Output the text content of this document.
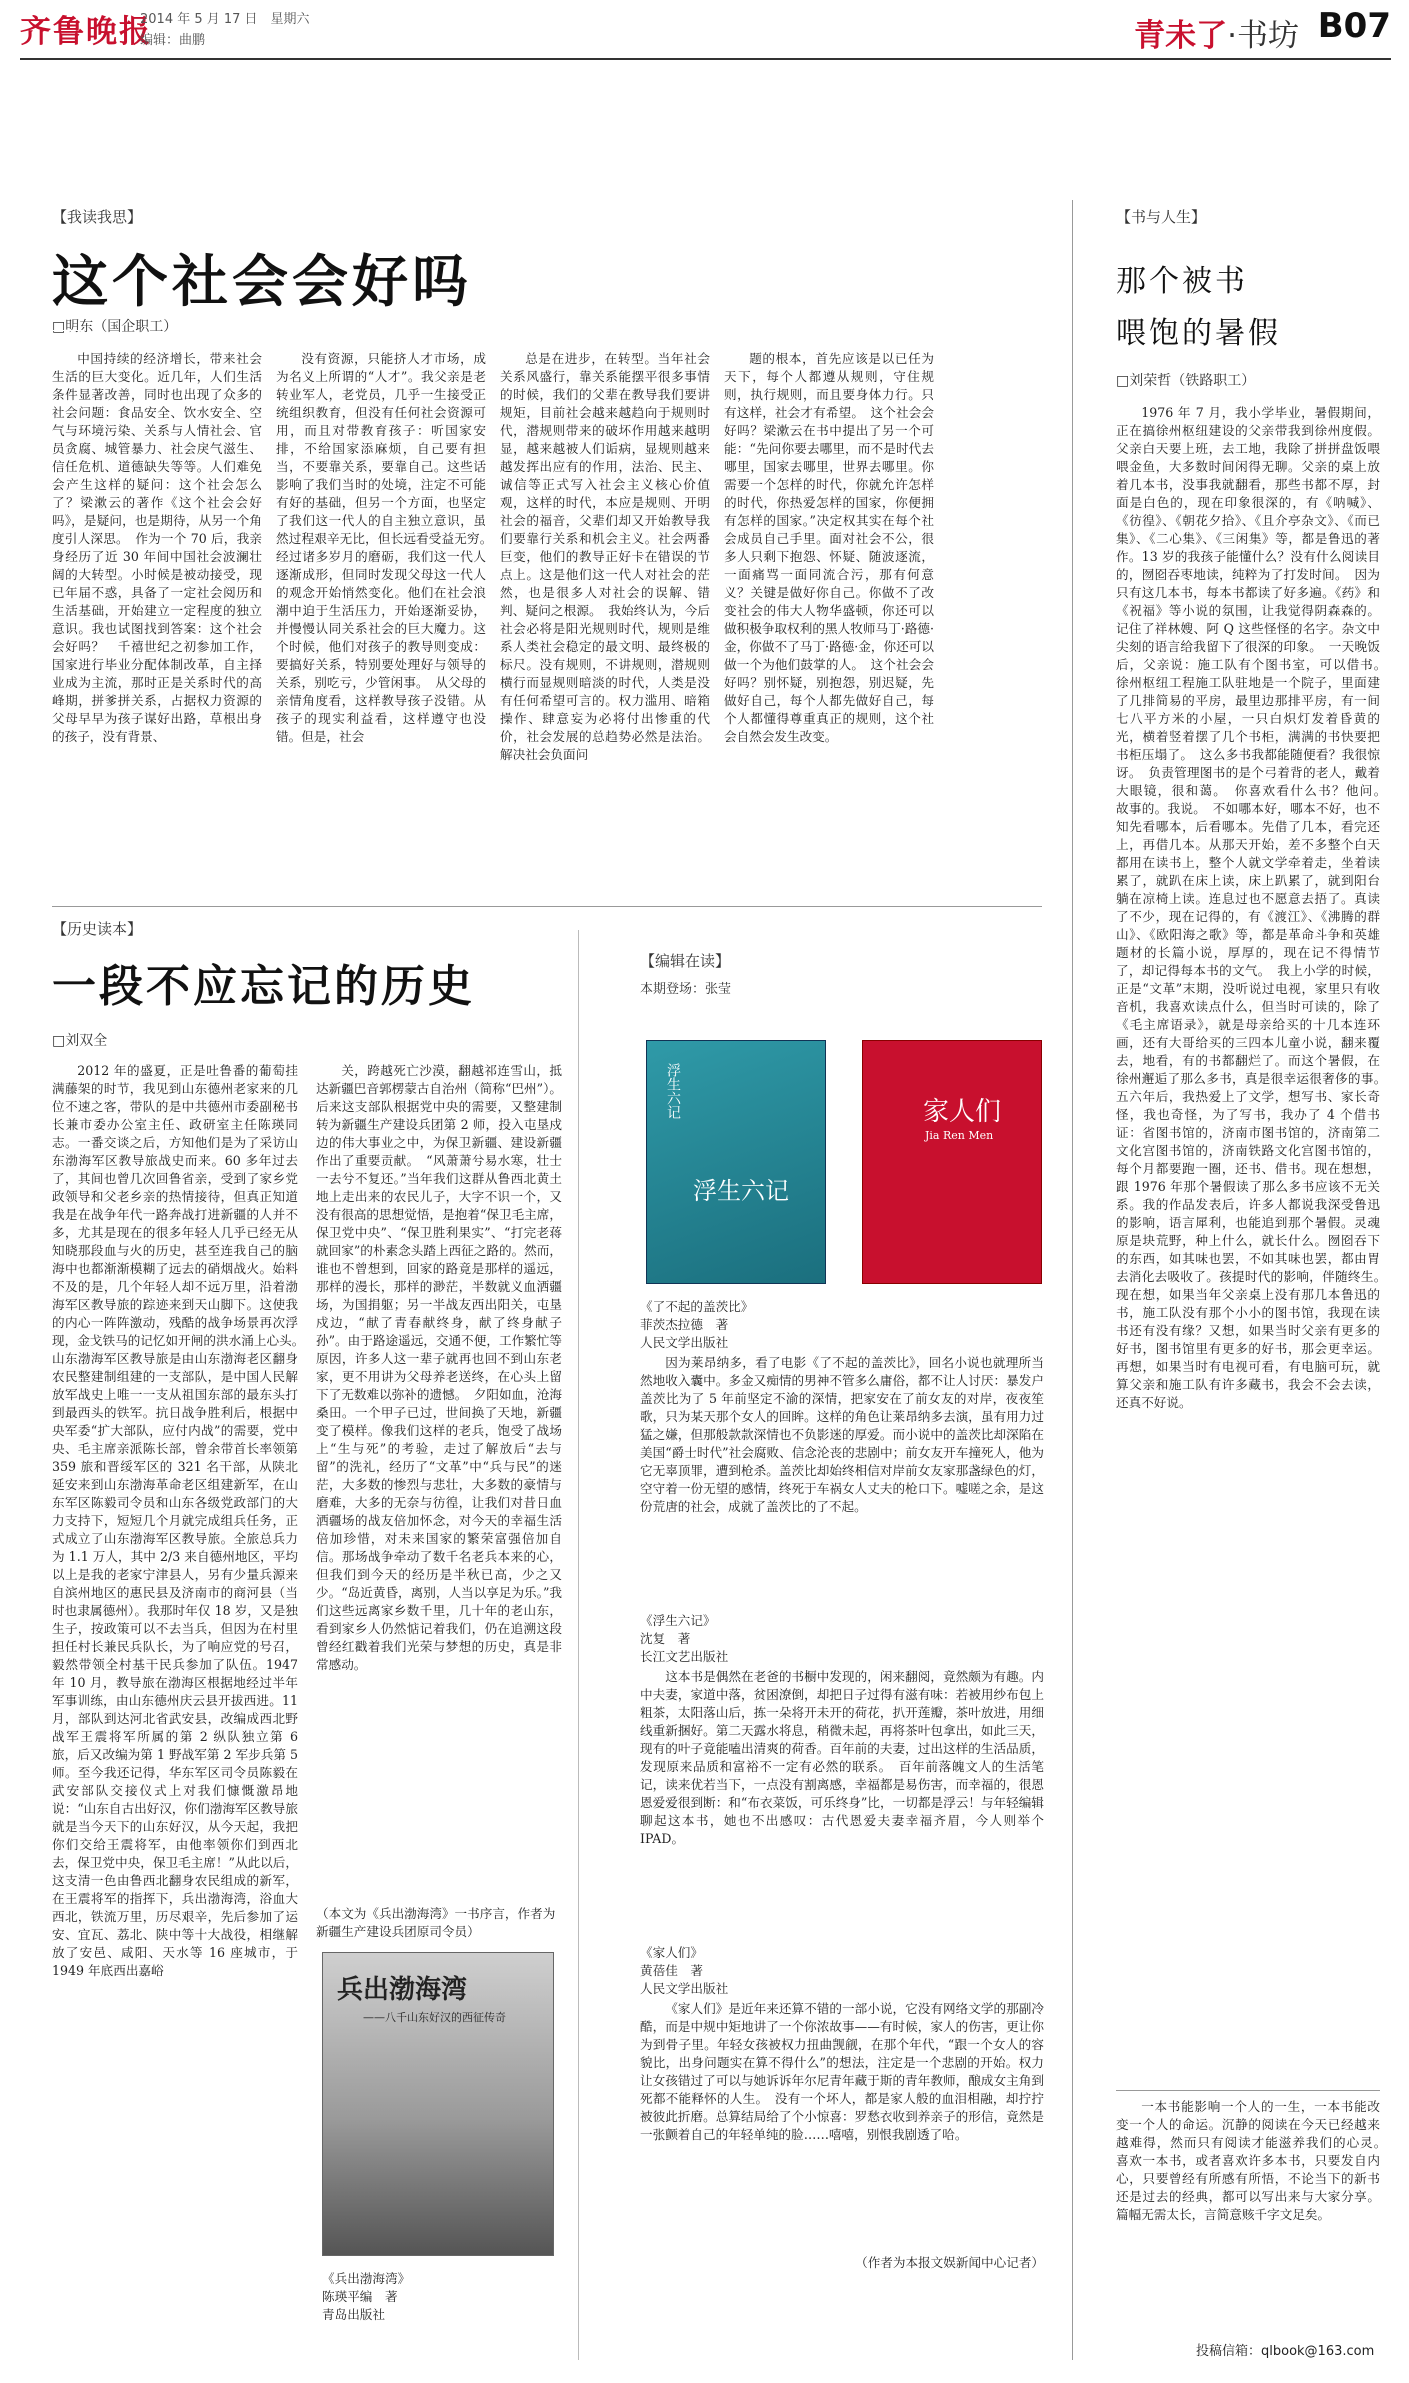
齐鲁晚报
2014 年 5 月 17 日　星期六
编辑：曲鹏	青未了·书坊 B07
【我读我思】
这个社会会好吗
□明东（国企职工）

中国持续的经济增长，带来社会生活的巨大变化。近几年，人们生活条件显著改善，同时也出现了众多的社会问题：食品安全、饮水安全、空气与环境污染、关系与人情社会、官员贪腐、城管暴力、社会戾气滋生、信任危机、道德缺失等等。人们难免会产生这样的疑问：这个社会怎么了？梁漱云的著作《这个社会会好吗》，是疑问，也是期待，从另一个角度引人深思。　作为一个 70 后，我亲身经历了近 30 年间中国社会波澜壮阔的大转型。小时候是被动接受，现已年届不惑，具备了一定社会阅历和生活基础，开始建立一定程度的独立意识。我也试图找到答案：这个社会会好吗？　千禧世纪之初参加工作，国家进行毕业分配体制改革，自主择业成为主流，那时正是关系时代的高峰期，拼爹拼关系，占据权力资源的父母早早为孩子谋好出路，草根出身的孩子，没有背景、

没有资源，只能挤人才市场，成为名义上所谓的“人才”。我父亲是老转业军人，老党员，几乎一生接受正统组织教育，但没有任何社会资源可用，而且对带教育孩子：听国家安排，不给国家添麻烦，自己要有担当，不要靠关系，要靠自己。这些话影响了我们当时的处境，注定不可能有好的基础，但另一个方面，也坚定了我们这一代人的自主独立意识，虽然过程艰辛无比，但长远看受益无穷。　经过诸多岁月的磨砺，我们这一代人逐渐成形，但同时发现父母这一代人的观念开始悄然变化。他们在社会浪潮中迫于生活压力，开始逐渐妥协，并慢慢认同关系社会的巨大魔力。这个时候，他们对孩子的教导则变成：要搞好关系，特别要处理好与领导的关系，别吃亏，少管闲事。　从父母的亲情角度看，这样教导孩子没错。从孩子的现实利益看，这样遵守也没错。但是，社会

总是在进步，在转型。当年社会关系风盛行，靠关系能摆平很多事情的时候，我们的父辈在教导我们要讲规矩，目前社会越来越趋向于规则时代，潜规则带来的破坏作用越来越明显，越来越被人们诟病，显规则越来越发挥出应有的作用，法治、民主、诚信等正式写入社会主义核心价值观，这样的时代，本应是规则、开明社会的福音，父辈们却又开始教导我们要靠行关系和机会主义。社会两番巨变，他们的教导正好卡在错误的节点上。这是他们这一代人对社会的茫然，也是很多人对社会的误解、错判、疑问之根源。　我始终认为，今后社会必将是阳光规则时代，规则是维系人类社会稳定的最文明、最终极的标尺。没有规则，不讲规则，潜规则横行而显规则暗淡的时代，人类是没有任何希望可言的。权力滥用、暗箱操作、肆意妄为必将付出惨重的代价，社会发展的总趋势必然是法治。解决社会负面问

题的根本，首先应该是以已任为天下，每个人都遵从规则，守住规则，执行规则，而且要身体力行。只有这样，社会才有希望。　这个社会会好吗？梁漱云在书中提出了另一个可能：“先问你要去哪里，而不是时代去哪里，国家去哪里，世界去哪里。你需要一个怎样的时代，你就允许怎样的时代，你热爱怎样的国家，你便拥有怎样的国家。”决定权其实在每个社会成员自己手里。面对社会不公，很多人只剩下抱怨、怀疑、随波逐流，一面痛骂一面同流合污，那有何意义？关键是做好你自己。你做不了改变社会的伟大人物华盛顿，你还可以做积极争取权利的黑人牧师马丁·路德·金，你做不了马丁·路德·金，你还可以做一个为他们鼓掌的人。　这个社会会好吗？别怀疑，别抱怨，别迟疑，先做好自己，每个人都先做好自己，每个人都懂得尊重真正的规则，这个社会自然会发生改变。

【历史读本】
一段不应忘记的历史
□刘双全

2012 年的盛夏，正是吐鲁番的葡萄挂满藤架的时节，我见到山东德州老家来的几位不速之客，带队的是中共德州市委副秘书长兼市委办公室主任、政研室主任陈瑛同志。一番交谈之后，方知他们是为了采访山东渤海军区教导旅战史而来。60 多年过去了，其间也曾几次回鲁省亲，受到了家乡党政领导和父老乡亲的热情接待，但真正知道我是在战争年代一路奔战打进新疆的人并不多，尤其是现在的很多年轻人几乎已经无从知晓那段血与火的历史，甚至连我自己的脑海中也都渐渐模糊了远去的硝烟战火。始料不及的是，几个年轻人却不远万里，沿着渤海军区教导旅的踪迹来到天山脚下。这使我的内心一阵阵激动，残酷的战争场景再次浮现，金戈铁马的记忆如开闸的洪水涌上心头。　山东渤海军区教导旅是由山东渤海老区翻身农民整建制组建的一支部队，是中国人民解放军战史上唯一一支从祖国东部的最东头打到最西头的铁军。抗日战争胜利后，根据中央军委“扩大部队，应付内战”的需要，党中央、毛主席亲派陈长部，曾余带首长率领第 359 旅和晋绥军区的 321 名干部，从陕北延安来到山东渤海革命老区组建新军，在山东军区陈毅司令员和山东各级党政部门的大力支持下，短短几个月就完成组兵任务，正式成立了山东渤海军区教导旅。全旅总兵力为 1.1 万人，其中 2/3 来自德州地区，平均以上是我的老家宁津县人，另有少量兵源来自滨州地区的惠民县及济南市的商河县（当时也隶属德州）。我那时年仅 18 岁，又是独生子，按政策可以不去当兵，但因为在村里担任村长兼民兵队长，为了响应党的号召，毅然带领全村基干民兵参加了队伍。1947 年 10 月，教导旅在渤海区根据地经过半年军事训练，由山东德州庆云县开拔西进。11 月，部队到达河北省武安县，改编成西北野战军王震将军所属的第 2 纵队独立第 6 旅，后又改编为第 1 野战军第 2 军步兵第 5 师。至今我还记得，华东军区司令员陈毅在武安部队交接仪式上对我们慷慨激昂地说：“山东自古出好汉，你们渤海军区教导旅就是当今天下的山东好汉，从今天起，我把你们交给王震将军，由他率领你们到西北去，保卫党中央，保卫毛主席！”从此以后，这支清一色由鲁西北翻身农民组成的新军，在王震将军的指挥下，兵出渤海湾，浴血大西北，铁流万里，历尽艰辛，先后参加了运安、宜瓦、荔北、陕中等十大战役，相继解放了安邑、咸阳、天水等 16 座城市，于 1949 年底西出嘉峪

关，跨越死亡沙漠，翻越祁连雪山，抵达新疆巴音郭楞蒙古自治州（简称“巴州”）。后来这支部队根据党中央的需要，又整建制转为新疆生产建设兵团第 2 师，投入屯垦戍边的伟大事业之中，为保卫新疆、建设新疆作出了重要贡献。　“风萧萧兮易水寒，壮士一去兮不复还。”当年我们这群从鲁西北黄土地上走出来的农民儿子，大字不识一个，又没有很高的思想觉悟，是抱着“保卫毛主席，保卫党中央”、“保卫胜利果实”、“打完老蒋就回家”的朴素念头踏上西征之路的。然而，谁也不曾想到，回家的路竟是那样的遥远，那样的漫长，那样的渺茫，半数就义血洒疆场，为国捐躯；另一半战友西出阳关，屯垦戍边，“献了青春献终身，献了终身献子孙”。由于路途遥远，交通不便，工作繁忙等原因，许多人这一辈子就再也回不到山东老家，更不用讲为父母养老送终，在心头上留下了无数难以弥补的遗憾。　夕阳如血，沧海桑田。一个甲子已过，世间换了天地，新疆变了模样。像我们这样的老兵，饱受了战场上“生与死”的考验，走过了解放后“去与留”的洗礼，经历了“文革”中“兵与民”的迷茫，大多数的惨烈与悲壮，大多数的豪情与磨难，大多的无奈与彷徨，让我们对昔日血洒疆场的战友倍加怀念，对今天的幸福生活倍加珍惜，对未来国家的繁荣富强倍加自信。那场战争牵动了数千名老兵本来的心，但我们到今天的经历是半秋已高，少之又少。“岛近黄昏，离别，人当以享足为乐。”我们这些远离家乡数千里，几十年的老山东，看到家乡人仍然惦记着我们，仍在追溯这段曾经红戳着我们光荣与梦想的历史，真是非常感动。

（本文为《兵出渤海湾》一书序言，作者为新疆生产建设兵团原司令员）

兵出渤海湾
——八千山东好汉的西征传奇
《兵出渤海湾》
陈瑛平编　著
青岛出版社
【编辑在读】
本期登场：张莹
浮生六记
浮生六记
家人们
Jia Ren Men
《了不起的盖茨比》
菲茨杰拉德　著
人民文学出版社

因为莱昂纳多，看了电影《了不起的盖茨比》，回名小说也就理所当然地收入囊中。多金又痴情的男神不管多么庸俗，都不让人讨厌：暴发户盖茨比为了 5 年前坚定不渝的深情，把家安在了前女友的对岸，夜夜笙歌，只为某天那个女人的回眸。这样的角色让莱昂纳多去演，虽有用力过猛之嫌，但那般款款深情也不负影迷的厚爱。而小说中的盖茨比却深陷在美国“爵士时代”社会腐败、信念沦丧的悲剧中；前女友开车撞死人，他为它无辜顶罪，遭到枪杀。盖茨比却始终相信对岸前女友家那盏绿色的灯，空守着一份无望的感情，终死于车祸女人丈夫的枪口下。嘘嗟之余，是这份荒唐的社会，成就了盖茨比的了不起。

《浮生六记》
沈复　著
长江文艺出版社

这本书是偶然在老爸的书橱中发现的，闲来翻阅，竟然颇为有趣。内中夫妻，家道中落，贫困潦倒，却把日子过得有滋有味：若被用纱布包上粗茶，太阳落山后，拣一朵将开未开的荷花，扒开莲瓣，茶叶放进，用细线重新捆好。第二天露水将息，稍微未起，再将茶叶包拿出，如此三天，现有的叶子竟能嗑出清爽的荷香。百年前的夫妻，过出这样的生活品质，发现原来品质和富裕不一定有必然的联系。　百年前落魄文人的生活笔记，读来优若当下，一点没有割离感，幸福都是易伤害，而幸福的，很恩恩爱爱很到断：和“布衣菜饭，可乐终身”比，一切都是浮云！与年轻编辑聊起这本书，她也不出感叹：古代恩爱夫妻幸福齐眉，今人则举个 IPAD。

《家人们》
黄蓓佳　著
人民文学出版社

《家人们》是近年来还算不错的一部小说，它没有网络文学的那副冷酷，而是中规中矩地讲了一个你浓故事——有时候，家人的伤害，更让你为到骨子里。年轻女孩被权力扭曲觊觎，在那个年代，“跟一个女人的容貌比，出身问题实在算不得什么”的想法，注定是一个悲剧的开始。权力让女孩错过了可以与她诉诉年尔尼青年藏于斯的青年教师，酿成女主角到死都不能释怀的人生。　没有一个坏人，都是家人般的血泪相融，却拧拧被彼此折磨。总算结局给了个小惊喜：罗愁衣收到养亲子的形信，竟然是一张颤着自己的年轻单纯的脸……嘻嘻，别恨我剧透了哈。

（作者为本报文娱新闻中心记者）
【书与人生】
那个被书
喂饱的暑假
□刘荣哲（铁路职工）

1976 年 7 月，我小学毕业，暑假期间，正在搞徐州枢纽建设的父亲带我到徐州度假。父亲白天要上班，去工地，我除了拼拼盘饭喂喂金鱼，大多数时间闲得无聊。父亲的桌上放着几本书，没事我就翻看，那些书都不厚，封面是白色的，现在印象很深的，有《呐喊》、《彷徨》、《朝花夕拾》、《且介亭杂文》、《而已集》、《二心集》、《三闲集》等，都是鲁迅的著作。13 岁的我孩子能懂什么？没有什么阅读目的，囫囵吞枣地读，纯粹为了打发时间。　因为只有这几本书，每本书都读了好多遍。《药》和《祝福》等小说的氛围，让我觉得阴森森的。记住了祥林嫂、阿 Q 这些怪怪的名字。杂文中尖刻的语言给我留下了很深的印象。　一天晚饭后，父亲说：施工队有个图书室，可以借书。　徐州枢纽工程施工队驻地是一个院子，里面建了几排简易的平房，最里边那排平房，有一间七八平方米的小屋，一只白炽灯发着昏黄的光，横着竖着摆了几个书柜，满满的书快要把书柜压塌了。　这么多书我都能随便看？我很惊讶。　负责管理图书的是个弓着背的老人，戴着大眼镜，很和蔼。　你喜欢看什么书？他问。　故事的。我说。　不如哪本好，哪本不好，也不知先看哪本，后看哪本。先借了几本，看完还上，再借几本。从那天开始，差不多整个白天都用在读书上，整个人就文学牵着走，坐着读累了，就趴在床上读，床上趴累了，就到阳台躺在凉椅上读。连息过也不愿意去捂了。真读了不少，现在记得的，有《渡江》、《沸腾的群山》、《欧阳海之歌》等，都是革命斗争和英雄题材的长篇小说，厚厚的，现在记不得情节了，却记得每本书的文气。　我上小学的时候，正是“文革”末期，没听说过电视，家里只有收音机，我喜欢读点什么，但当时可读的，除了《毛主席语录》，就是母亲给买的十几本连环画，还有大哥给买的三四本儿童小说，翻来覆去，地看，有的书都翻烂了。而这个暑假，在徐州邂逅了那么多书，真是很幸运很奢侈的事。　五六年后，我热爱上了文学，想写书、家长奇怪，我也奇怪，为了写书，我办了 4 个借书证：省图书馆的，济南市图书馆的，济南第二文化宫图书馆的，济南铁路文化宫图书馆的，每个月都要跑一圈，还书、借书。现在想想，跟 1976 年那个暑假读了那么多书应该不无关系。我的作品发表后，许多人都说我深受鲁迅的影响，语言犀利，也能追到那个暑假。灵魂原是块荒野，种上什么，就长什么。囫囵吞下的东西，如其味也罢，不如其味也罢，都由胃去消化去吸收了。孩提时代的影响，伴随终生。　现在想，如果当年父亲桌上没有那几本鲁迅的书，施工队没有那个小小的图书馆，我现在读书还有没有缘？又想，如果当时父亲有更多的好书，图书馆里有更多的好书，那会更幸运。再想，如果当时有电视可看，有电脑可玩，就算父亲和施工队有许多藏书，我会不会去读，还真不好说。

一本书能影响一个人的一生，一本书能改变一个人的命运。沉静的阅读在今天已经越来越难得，然而只有阅读才能滋养我们的心灵。　喜欢一本书，或者喜欢许多本书，只要发自内心，只要曾经有所感有所悟，不论当下的新书还是过去的经典，都可以写出来与大家分享。篇幅无需太长，言简意赅千字文足矣。

投稿信箱：qlbook@163.com
